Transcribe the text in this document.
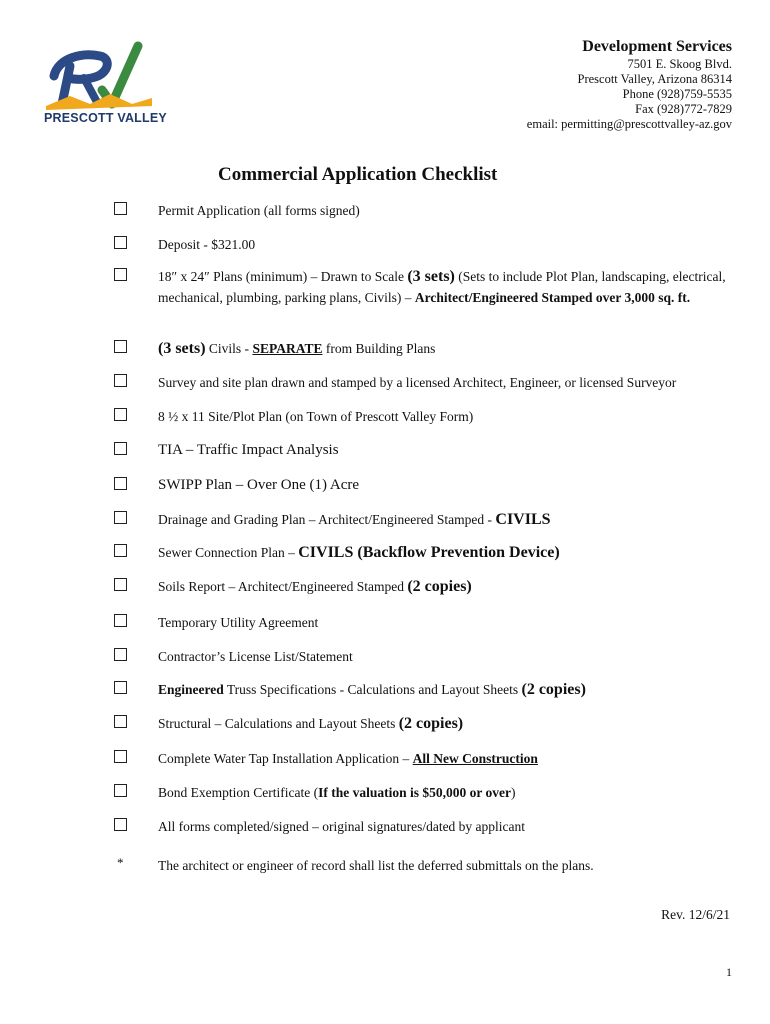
PRESCOTT VALLEY
Development Services
7501 E. Skoog Blvd.
Prescott Valley, Arizona 86314
Phone (928)759-5535
Fax (928)772-7829
email: permitting@prescottvalley-az.gov
Commercial Application Checklist
Permit Application (all forms signed)
Deposit - $321.00
18″ x 24″ Plans (minimum) – Drawn to Scale (3 sets) (Sets to include Plot Plan, landscaping, electrical, mechanical, plumbing, parking plans, Civils) – Architect/Engineered Stamped over 3,000 sq. ft.
(3 sets) Civils - SEPARATE from Building Plans
Survey and site plan drawn and stamped by a licensed Architect, Engineer, or licensed Surveyor
8 ½ x 11 Site/Plot Plan (on Town of Prescott Valley Form)
TIA – Traffic Impact Analysis
SWIPP Plan – Over One (1) Acre
Drainage and Grading Plan – Architect/Engineered Stamped - CIVILS
Sewer Connection Plan – CIVILS (Backflow Prevention Device)
Soils Report – Architect/Engineered Stamped (2 copies)
Temporary Utility Agreement
Contractor’s License List/Statement
Engineered Truss Specifications - Calculations and Layout Sheets (2 copies)
Structural – Calculations and Layout Sheets (2 copies)
Complete Water Tap Installation Application – All New Construction
Bond Exemption Certificate (If the valuation is $50,000 or over)
All forms completed/signed – original signatures/dated by applicant
*	The architect or engineer of record shall list the deferred submittals on the plans.
Rev. 12/6/21
1
